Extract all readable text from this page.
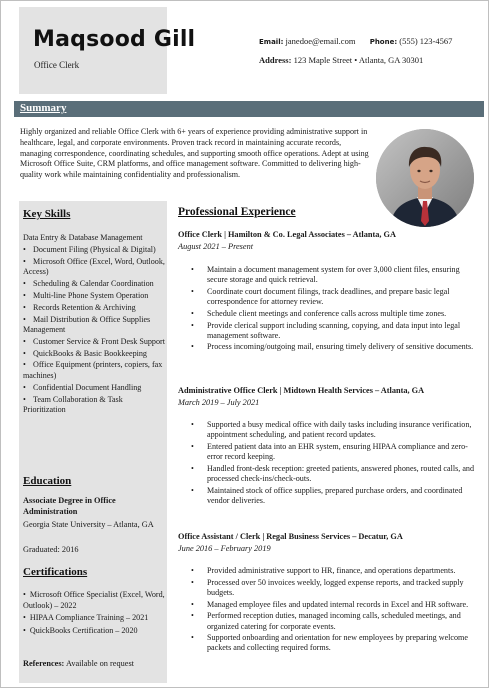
Maqsood Gill
Office Clerk
Email: janedoe@email.com Phone: (555) 123-4567
Address: 123 Maple Street • Atlanta, GA 30301
Summary

Highly organized and reliable Office Clerk with 6+ years of experience providing administrative support in healthcare, legal, and corporate environments. Proven track record in maintaining accurate records, managing correspondence, coordinating schedules, and supporting smooth office operations. Adept at using Microsoft Office Suite, CRM platforms, and office management software. Committed to delivering high-quality work while maintaining confidentiality and professionalism.

Key Skills
Data Entry & Database Management
• Document Filing (Physical & Digital)
• Microsoft Office (Excel, Word, Outlook, Access)
• Scheduling & Calendar Coordination
• Multi-line Phone System Operation
• Records Retention & Archiving
• Mail Distribution & Office Supplies Management
• Customer Service & Front Desk Support
• QuickBooks & Basic Bookkeeping
• Office Equipment (printers, copiers, fax machines)
• Confidential Document Handling
• Team Collaboration & Task Prioritization
Education
Associate Degree in Office Administration
Georgia State University – Atlanta, GA
Graduated: 2016
Certifications
•  Microsoft Office Specialist (Excel, Word, Outlook) – 2022
•  HIPAA Compliance Training – 2021
•  QuickBooks Certification – 2020
References: Available on request
Professional Experience
Office Clerk | Hamilton & Co. Legal Associates – Atlanta, GA
August 2021 – Present
• Maintain a document management system for over 3,000 client files, ensuring secure storage and quick retrieval.
• Coordinate court document filings, track deadlines, and prepare basic legal correspondence for attorney review.
• Schedule client meetings and conference calls across multiple time zones.
• Provide clerical support including scanning, copying, and data input into legal management software.
• Process incoming/outgoing mail, ensuring timely delivery of sensitive documents.
Administrative Office Clerk | Midtown Health Services – Atlanta, GA
March 2019 – July 2021
• Supported a busy medical office with daily tasks including insurance verification, appointment scheduling, and patient record updates.
• Entered patient data into an EHR system, ensuring HIPAA compliance and zero-error record keeping.
• Handled front-desk reception: greeted patients, answered phones, routed calls, and processed check-ins/check-outs.
• Maintained stock of office supplies, prepared purchase orders, and coordinated vendor deliveries.
Office Assistant / Clerk | Regal Business Services – Decatur, GA
June 2016 – February 2019
• Provided administrative support to HR, finance, and operations departments.
• Processed over 50 invoices weekly, logged expense reports, and tracked supply budgets.
• Managed employee files and updated internal records in Excel and HR software.
• Performed reception duties, managed incoming calls, scheduled meetings, and organized catering for corporate events.
• Supported onboarding and orientation for new employees by preparing welcome packets and collecting required forms.
